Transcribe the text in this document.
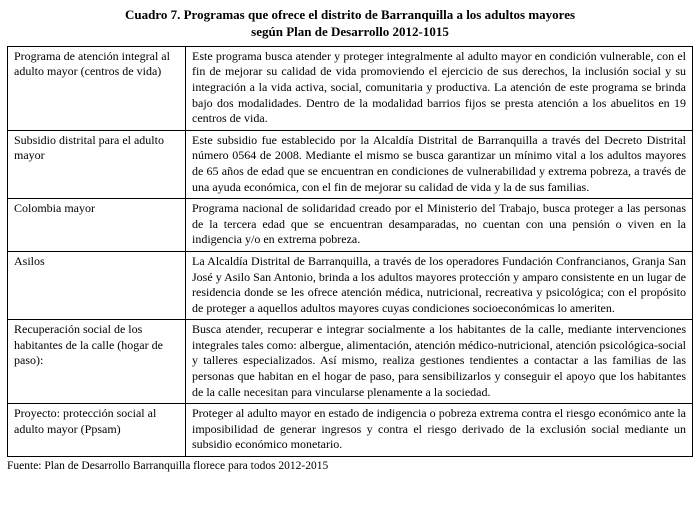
Cuadro 7. Programas que ofrece el distrito de Barranquilla a los adultos mayores
según Plan de Desarrollo 2012-1015
Programa de atención integral al adulto mayor (centros de vida)	Este programa busca atender y proteger integralmente al adulto mayor en condición vulnerable, con el fin de mejorar su calidad de vida promoviendo el ejercicio de sus derechos, la inclusión social y su integración a la vida activa, social, comunitaria y productiva. La atención de este programa se brinda bajo dos modalidades. Dentro de la modalidad barrios fijos se presta atención a los abuelitos en 19 centros de vida.
Subsidio distrital para el adulto mayor	Este subsidio fue establecido por la Alcaldía Distrital de Barranquilla a través del Decreto Distrital número 0564 de 2008. Mediante el mismo se busca garantizar un mínimo vital a los adultos mayores de 65 años de edad que se encuentran en condiciones de vulnerabilidad y extrema pobreza, a través de una ayuda económica, con el fin de mejorar su calidad de vida y la de sus familias.
Colombia mayor	Programa nacional de solidaridad creado por el Ministerio del Trabajo, busca proteger a las personas de la tercera edad que se encuentran desamparadas, no cuentan con una pensión o viven en la indigencia y/o en extrema pobreza.
Asilos	La Alcaldía Distrital de Barranquilla, a través de los operadores Fundación Confrancianos, Granja San José y Asilo San Antonio, brinda a los adultos mayores protección y amparo consistente en un lugar de residencia donde se les ofrece atención médica, nutricional, recreativa y psicológica; con el propósito de proteger a aquellos adultos mayores cuyas condiciones socioeconómicas lo ameriten.
Recuperación social de los habitantes de la calle (hogar de paso):	Busca atender, recuperar e integrar socialmente a los habitantes de la calle, mediante intervenciones integrales tales como: albergue, alimentación, atención médico-nutricional, atención psicológica-social y talleres especializados. Así mismo, realiza gestiones tendientes a contactar a las familias de las personas que habitan en el hogar de paso, para sensibilizarlos y conseguir el apoyo que los habitantes de la calle necesitan para vincularse plenamente a la sociedad.
Proyecto: protección social al adulto mayor (Ppsam)	Proteger al adulto mayor en estado de indigencia o pobreza extrema contra el riesgo económico ante la imposibilidad de generar ingresos y contra el riesgo derivado de la exclusión social mediante un subsidio económico monetario.
Fuente: Plan de Desarrollo Barranquilla florece para todos 2012-2015
